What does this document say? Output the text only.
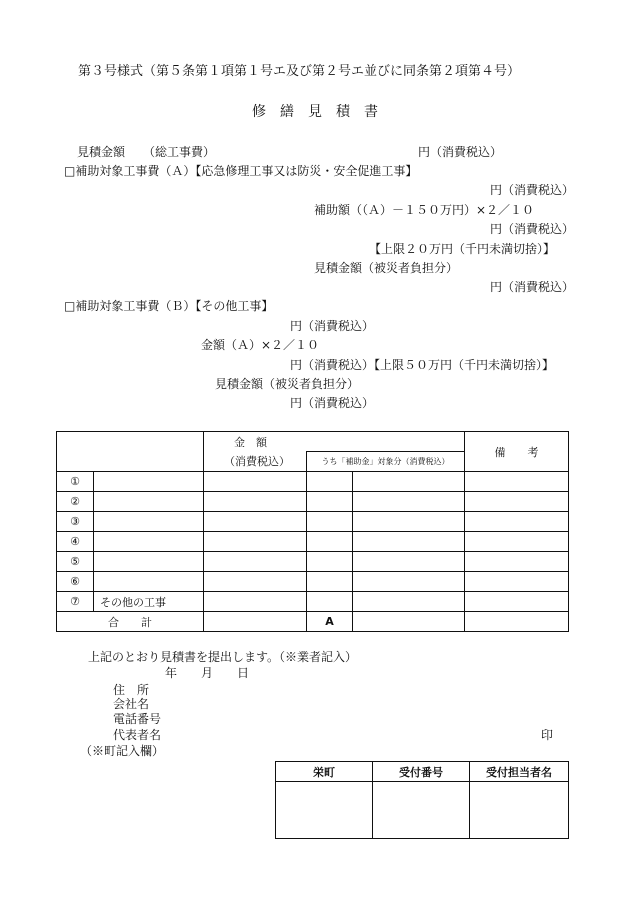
第３号様式（第５条第１項第１号エ及び第２号エ並びに同条第２項第４号）
修繕見積書
見積金額　　（総工事費）	円（消費税込）
□補助対象工事費（Ａ）【応急修理工事又は防災・安全促進工事】
円（消費税込）
補助額（（Ａ）－１５０万円）×２／１０
円（消費税込）
【上限２０万円（千円未満切捨）】
見積金額（被災者負担分）
円（消費税込）
□補助対象工事費（Ｂ）【その他工事】
円（消費税込）
金額（Ａ）×２／１０
円（消費税込）【上限５０万円（千円未満切捨）】
見積金額（被災者負担分）
円（消費税込）
		金　額			備　　考
		（消費税込）	うち「補助金」対象分（消費税込）		
①					
②					
③					
④					
⑤					
⑥					
⑦	その他の工事				
合　　計			A		
上記のとおり見積書を提出します。（※業者記入）
年　　月　　日
住　所
会社名
電話番号
代表者名	印
（※町記入欄）
栄町	受付番号	受付担当者名
